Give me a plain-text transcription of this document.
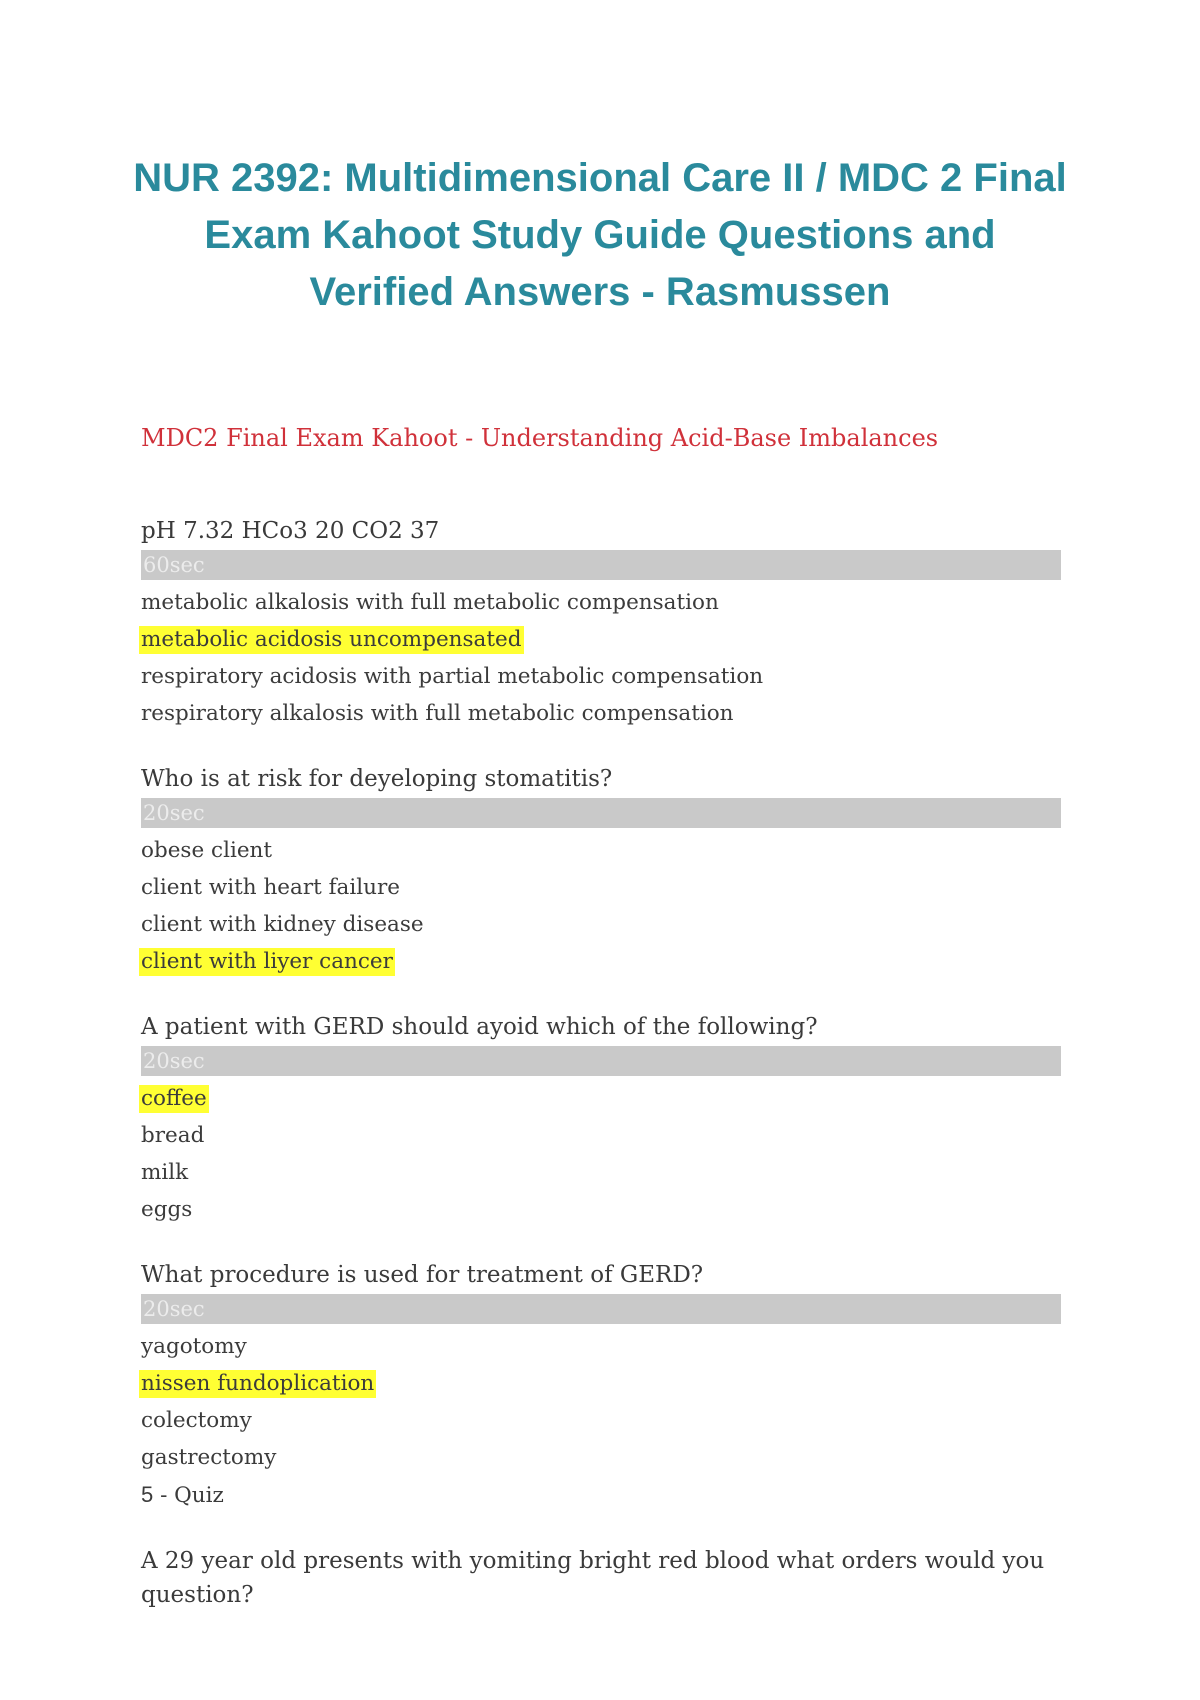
NUR 2392: Multidimensional Care II / MDC 2 Final
Exam Kahoot Study Guide Questions and
Verified Answers - Rasmussen
MDC2 Final Exam Kahoot - Understanding Acid-Base Imbalances

pH 7.32 HCo3 20 CO2 37

60sec
metabolic alkalosis with full metabolic compensation
metabolic acidosis uncompensated
respiratory acidosis with partial metabolic compensation
respiratory alkalosis with full metabolic compensation

Who is at risk for deyeloping stomatitis?

20sec
obese client
client with heart failure
client with kidney disease
client with liyer cancer

A patient with GERD should ayoid which of the following?

20sec
coffee
bread
milk
eggs

What procedure is used for treatment of GERD?

20sec
yagotomy
nissen fundoplication
colectomy
gastrectomy
5 - Quiz

A 29 year old presents with yomiting bright red blood what orders would you question?
